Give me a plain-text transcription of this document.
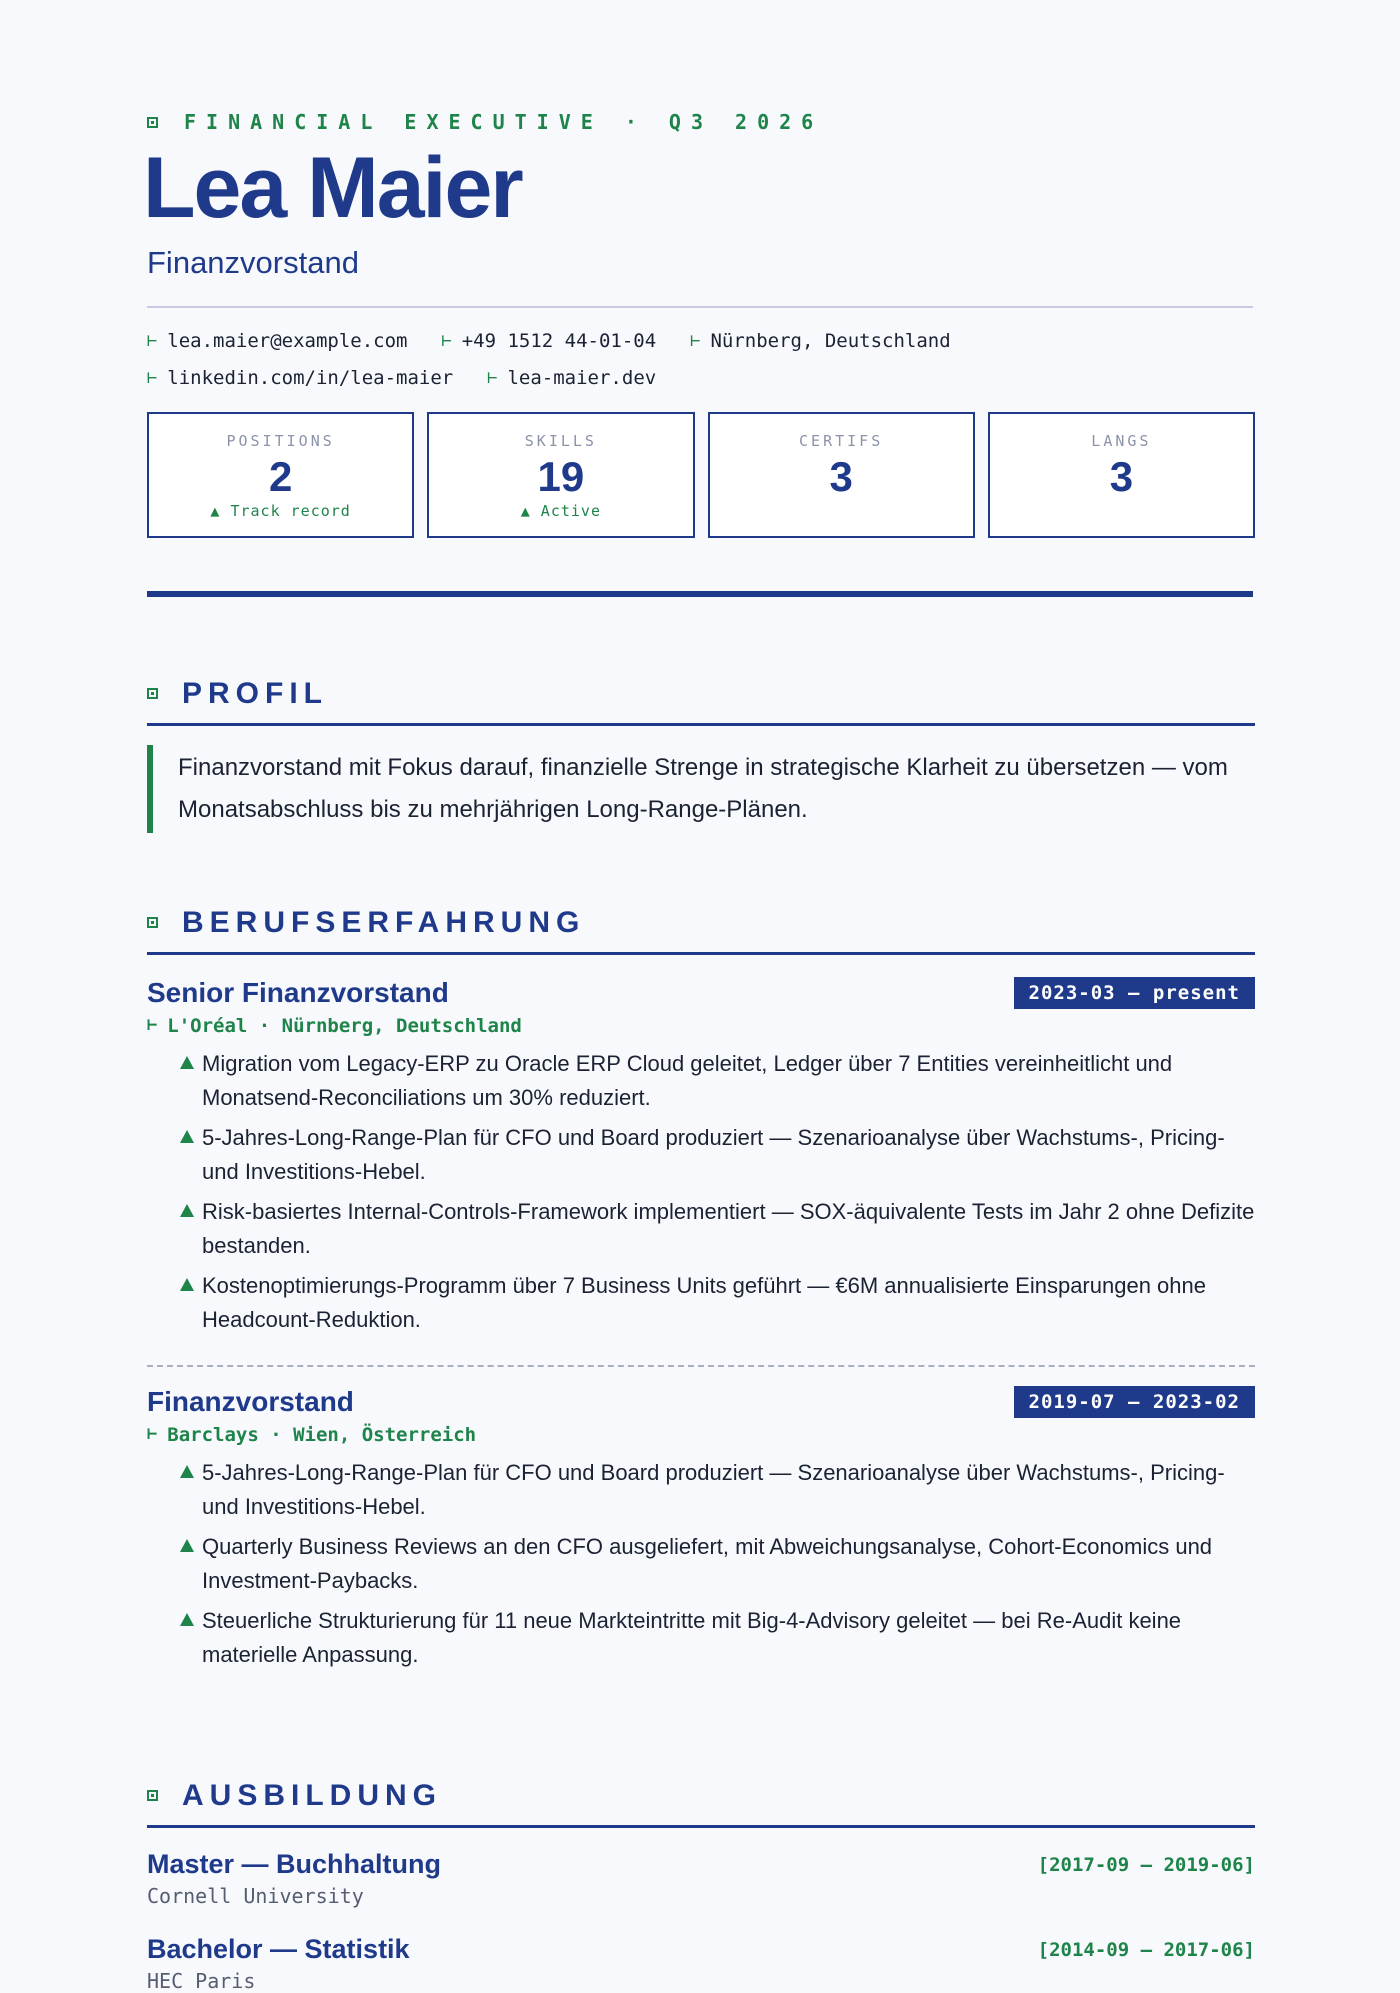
FINANCIAL EXECUTIVE · Q3 2026
Lea Maier
Finanzvorstand
⊢ lea.maier@example.com ⊢ +49 1512 44-01-04 ⊢ Nürnberg, Deutschland
⊢ linkedin.com/in/lea-maier ⊢ lea-maier.dev
POSITIONS
2
▲ Track record
SKILLS
19
▲ Active
CERTIFS
3
LANGS
3
PROFIL
Finanzvorstand mit Fokus darauf, finanzielle Strenge in strategische Klarheit zu übersetzen — vom Monatsabschluss bis zu mehrjährigen Long-Range-Plänen.
BERUFSERFAHRUNG
Senior Finanzvorstand	2023-03 — present
⊢ L'Oréal · Nürnberg, Deutschland
Migration vom Legacy-ERP zu Oracle ERP Cloud geleitet, Ledger über 7 Entities vereinheitlicht und Monatsend-Reconciliations um 30% reduziert.
5-Jahres-Long-Range-Plan für CFO und Board produziert — Szenarioanalyse über Wachstums-, Pricing- und Investitions-Hebel.
Risk-basiertes Internal-Controls-Framework implementiert — SOX-äquivalente Tests im Jahr 2 ohne Defizite bestanden.
Kostenoptimierungs-Programm über 7 Business Units geführt — €6M annualisierte Einsparungen ohne Headcount-Reduktion.
Finanzvorstand	2019-07 — 2023-02
⊢ Barclays · Wien, Österreich
5-Jahres-Long-Range-Plan für CFO und Board produziert — Szenarioanalyse über Wachstums-, Pricing- und Investitions-Hebel.
Quarterly Business Reviews an den CFO ausgeliefert, mit Abweichungsanalyse, Cohort-Economics und Investment-Paybacks.
Steuerliche Strukturierung für 11 neue Markteintritte mit Big-4-Advisory geleitet — bei Re-Audit keine materielle Anpassung.
AUSBILDUNG
Master — Buchhaltung	[2017-09 – 2019-06]
Cornell University
Bachelor — Statistik	[2014-09 – 2017-06]
HEC Paris
